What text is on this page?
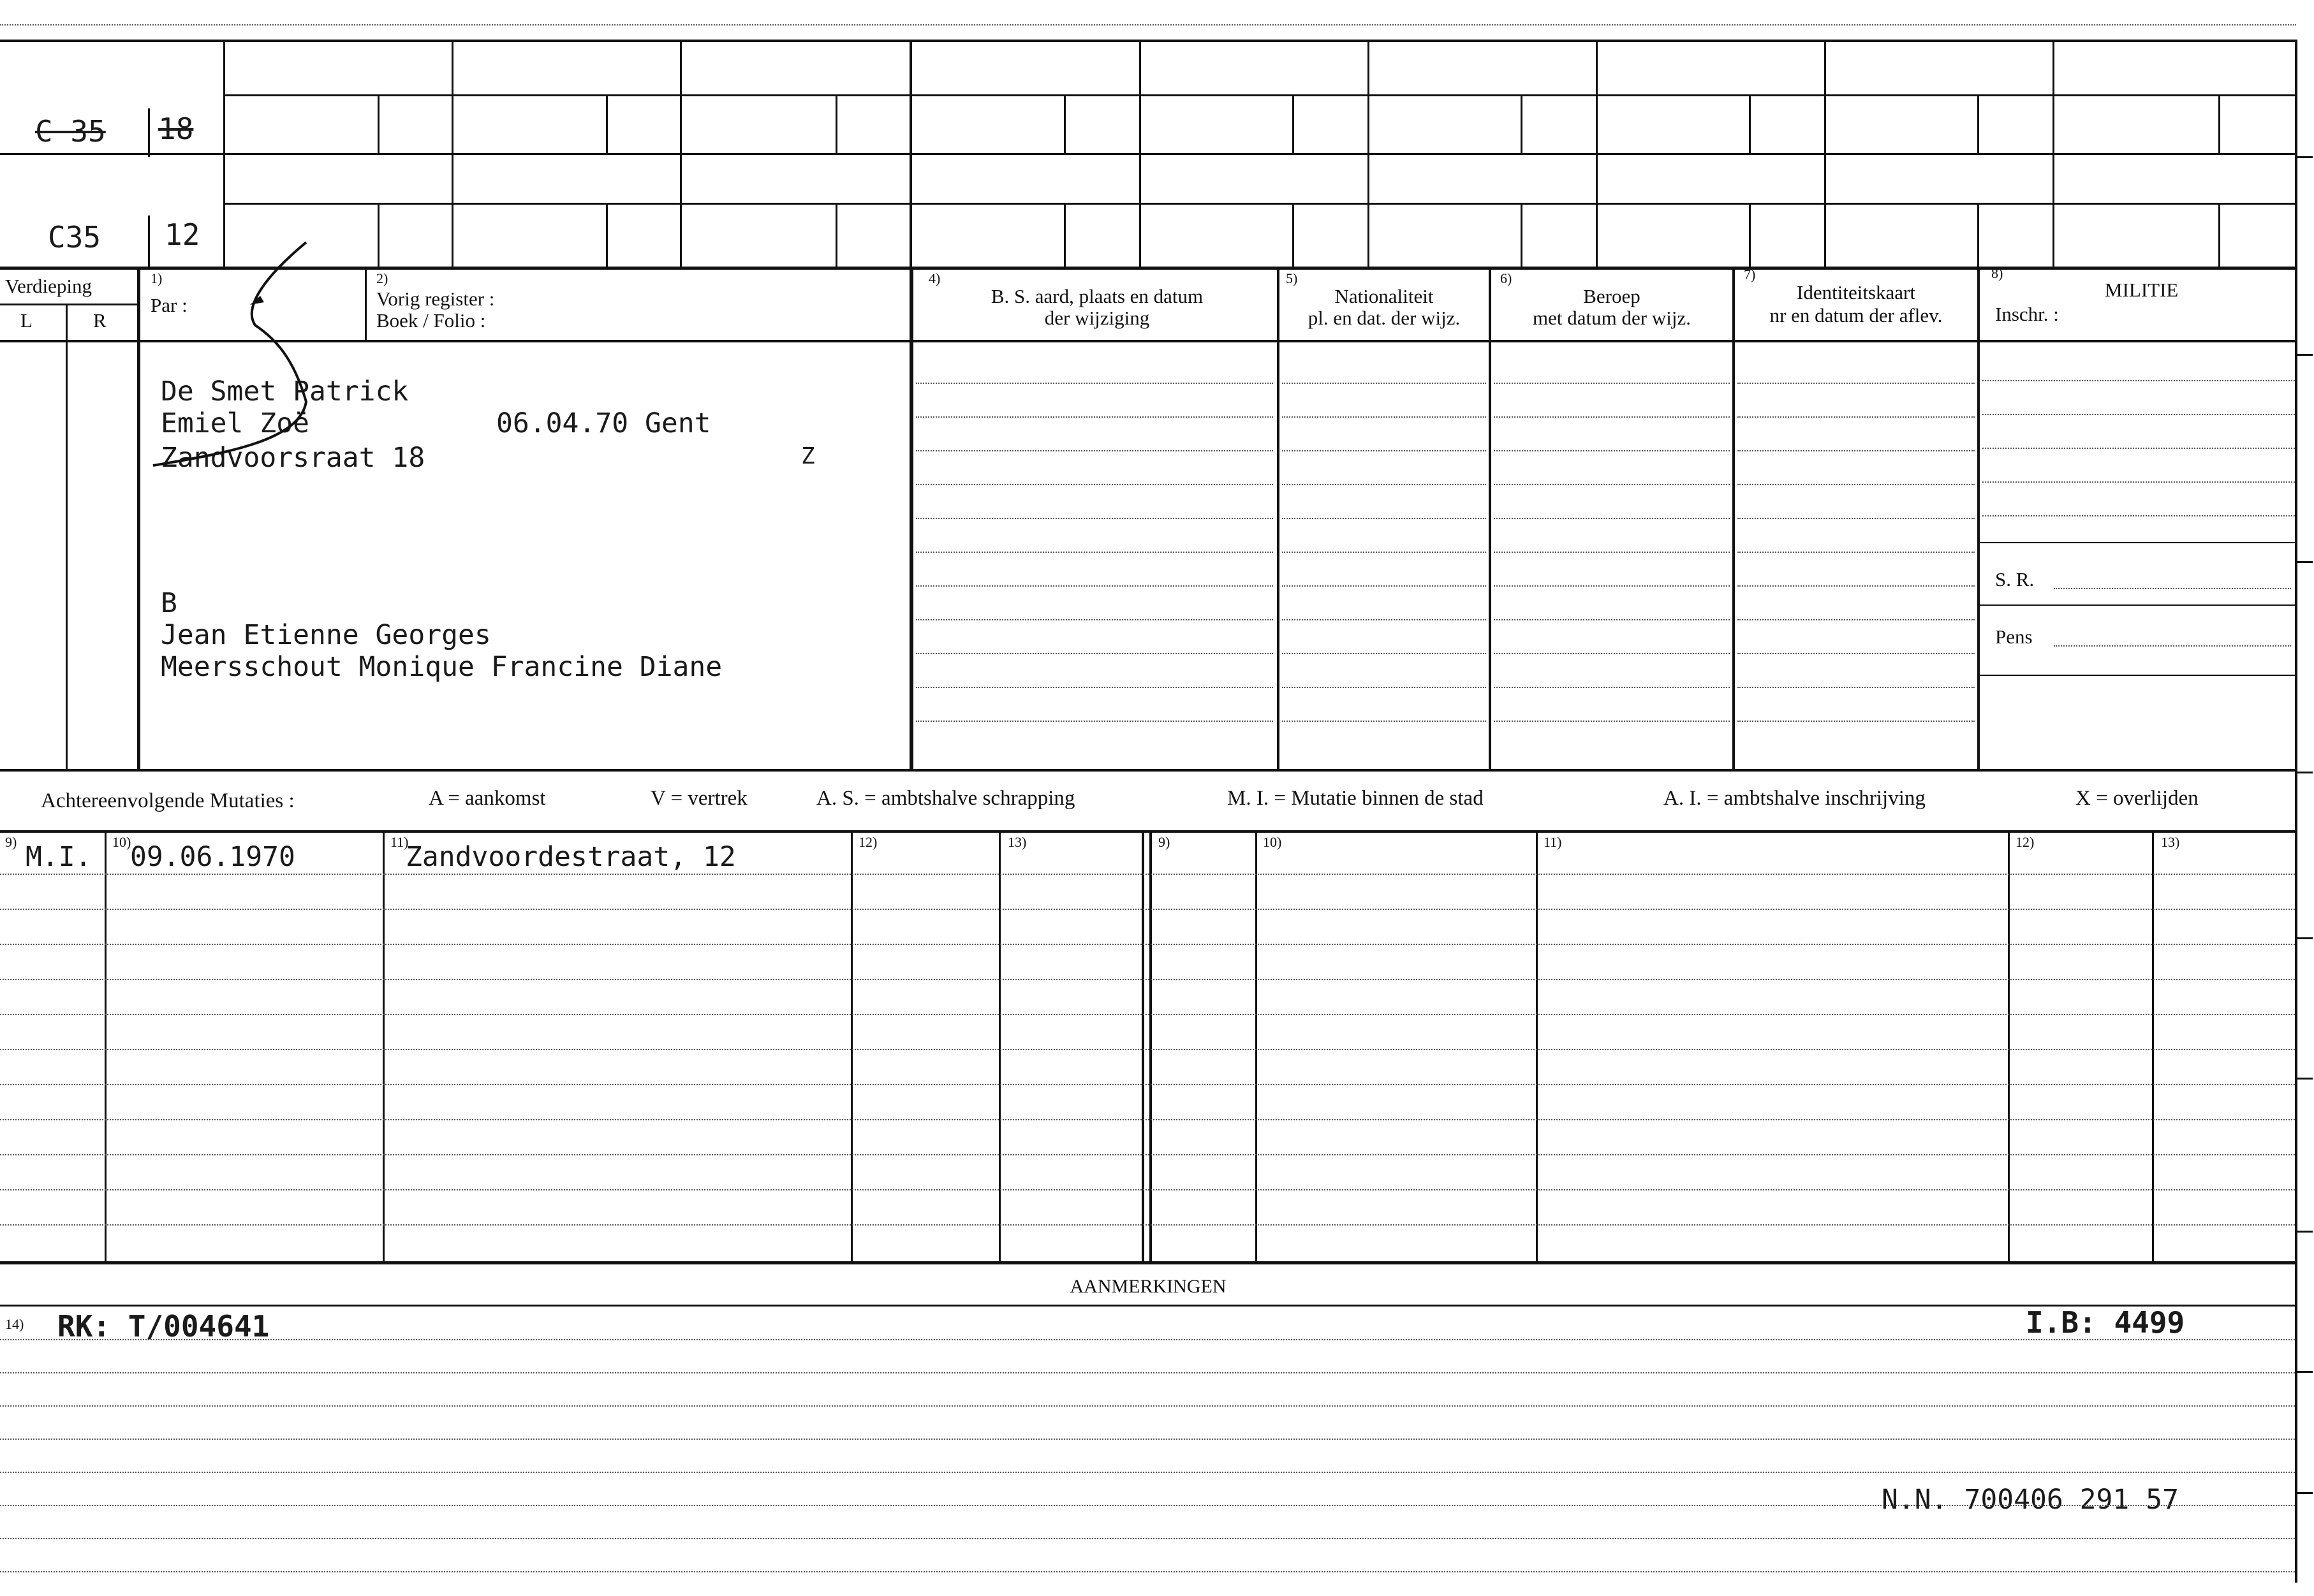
C 35 18
C35 12
Verdieping
L	R
1)
Par :
2)
Vorig register :
Boek / Folio :
4)
B. S. aard, plaats en datum
der wijziging
5)
Nationaliteit
pl. en dat. der wijz.
6)
Beroep
met datum der wijz.
7)
Identiteitskaart
nr en datum der aflev.
8)
MILITIE
Inschr. :
S. R.
Pens
De Smet Patrick
Emiel Zoë	06.04.70 Gent
Zandvoorsraat 18	Z
B
Jean Etienne Georges
Meersschout Monique Francine Diane
Achtereenvolgende Mutaties :	A = aankomst	V = vertrek	A. S. = ambtshalve schrapping	M. I. = Mutatie binnen de stad	A. I. = ambtshalve inschrijving	X = overlijden
9)	10)	11)	12)	13)	9)	10)	11)	12)	13)
M.I. 09.06.1970	Zandvoordestraat, 12
AANMERKINGEN
14) RK: T/004641	I.B: 4499
N.N. 700406 291 57
